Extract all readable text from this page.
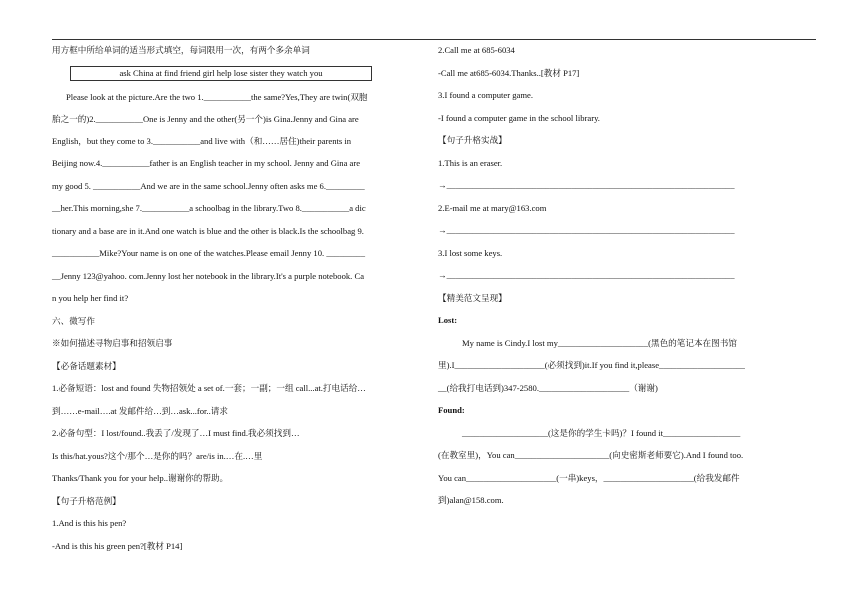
用方框中所给单词的适当形式填空，每词限用一次，有两个多余单词
ask China at find friend girl help lose sister they watch you
Please look at the picture.Are the two 1.___________the same?Yes,They are twin(双胞
胎之一的)2.___________One is Jenny and the other(另一个)is Gina.Jenny and Gina are
English，but they come to 3.___________and live with（和……居住)their parents in
Beijing now.4.___________father is an English teacher in my school. Jenny and Gina are
my good 5. ___________And we are in the same school.Jenny often asks me 6._________
__her.This morning,she 7.___________a schoolbag in the library.Two 8.___________a dic
tionary and a base are in it.And one watch is blue and the other is black.Is the schoolbag 9.
___________Mike?Your name is on one of the watches.Please email Jenny 10. _________
__Jenny 123@yahoo. com.Jenny lost her notebook in the library.It's a purple notebook. Ca
n you help her find it?
六、微写作
※如何描述寻物启事和招领启事
【必备话题素材】
1.必备短语：lost and found 失物招领处 a set of.一套；一副；一组 call...at.打电话给…
到……e-mail….at 发邮件给…到…ask...for..请求
2.必备句型：I lost/found..我丢了/发现了…I must find.我必须找到…
Is this/hat.yous?这个/那个…是你的吗？are/is in.…在.…里
Thanks/Thank you for your help..谢谢你的帮助。
【句子升格范例】
1.And is this his pen?
-And is this his green pen?[教材 P14]
2.Call me at 685-6034
-Call me at685-6034.Thanks..[教材 P17]
3.I found a computer game.
-I found a computer game in the school library.
【句子升格实战】
1.This is an eraser.
→___________________________________________________________________
2.E-mail me at mary@163.com
→___________________________________________________________________
3.I lost some keys.
→___________________________________________________________________
【精美范文呈现】
Lost:
My name is Cindy.I lost my_____________________(黑色的笔记本在图书馆
里).I_____________________(必须找到)it.If you find it,please____________________
__(给我打电话到)347-2580._____________________（谢谢)
Found:
____________________(这是你的学生卡吗)？I found it__________________
(在教室里)，You can______________________(向史密斯老师要它).And I found too.
You can_____________________(一串)keys，_____________________(给我发邮件
到)alan@158.com.
